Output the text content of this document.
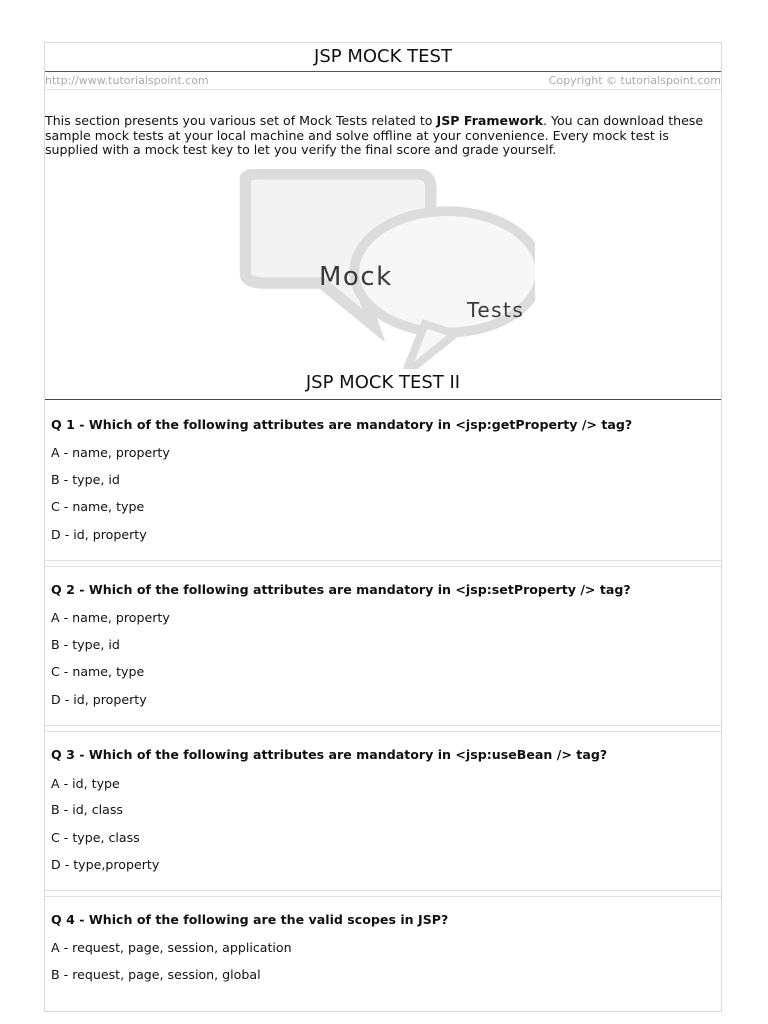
JSP MOCK TEST
http://www.tutorialspoint.com	Copyright © tutorialspoint.com
This section presents you various set of Mock Tests related to JSP Framework. You can download these sample mock tests at your local machine and solve offline at your convenience. Every mock test is supplied with a mock test key to let you verify the final score and grade yourself.
Mock
Tests
JSP MOCK TEST II
Q 1 - Which of the following attributes are mandatory in <jsp:getProperty /> tag?
A - name, property
B - type, id
C - name, type
D - id, property
Q 2 - Which of the following attributes are mandatory in <jsp:setProperty /> tag?
A - name, property
B - type, id
C - name, type
D - id, property
Q 3 - Which of the following attributes are mandatory in <jsp:useBean /> tag?
A - id, type
B - id, class
C - type, class
D - type,property
Q 4 - Which of the following are the valid scopes in JSP?
A - request, page, session, application
B - request, page, session, global
